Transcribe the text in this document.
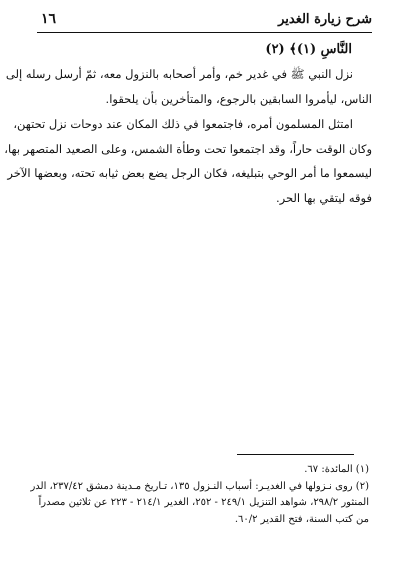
شرح زيارة الغدير
١٦
النَّاسِ (١)﴾ (٢)
نزل النبي ﷺ في غدير خم، وأمر أصحابه بالنزول معه، ثمّ أرسل رسله إلى
الناس، ليأمروا السابقين بالرجوع، والمتأخرين بأن يلحقوا.
امتثل المسلمون أمره، فاجتمعوا في ذلك المكان عند دوحات نزل تحتهن،
وكان الوقت حاراً، وقد اجتمعوا تحت وطأة الشمس، وعلى الصعيد المتصهر بها،
ليسمعوا ما أمر الوحي بتبليغه، فكان الرجل يضع بعض ثيابه تحته، وبعضها الآخر
فوقه ليتقي بها الحر.
(١) المائدة: ٦٧.
(٢) روى نـزولها في الغديـر: أسباب النـزول ١٣٥، تـاريخ مـدينة دمشق ٢٣٧/٤٢، الدر
المنثور ٢٩٨/٢، شواهد التنزيل ٢٤٩/١ - ٢٥٢، الغدير ٢١٤/١ - ٢٢٣ عن ثلاثين مصدراً
من كتب السنة، فتح القدير ٦٠/٢.
